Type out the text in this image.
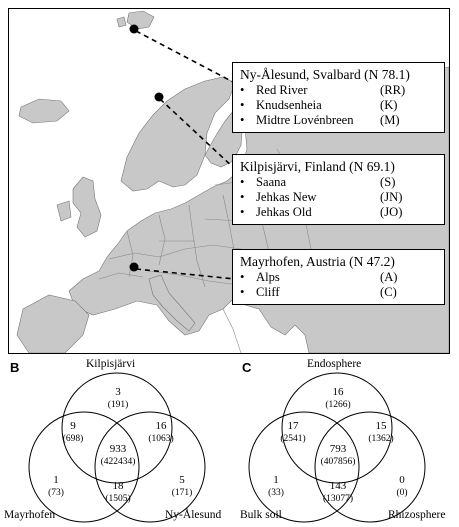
Ny-Ålesund, Svalbard (N 78.1)
• Red River	(RR)
• Knudsenheia	(K)
• Midtre Lovénbreen	(M)
Kilpisjärvi, Finland (N 69.1)
• Saana	(S)
• Jehkas New	(JN)
• Jehkas Old	(JO)
Mayrhofen, Austria (N 47.2)
• Alps	(A)
• Cliff	(C)
B	Kilpisjärvi
Mayrhofen	Ny-Ålesund
3
(191)
9
(698)
16
(1063)
933
(422434)
1
(73)
18
(1505)
5
(171)
C	Endosphere
Bulk soil	Rhizosphere
16
(1266)
17
(2541)
15
(1362)
793
(407856)
1
(33)
143
(13077)
0
(0)
